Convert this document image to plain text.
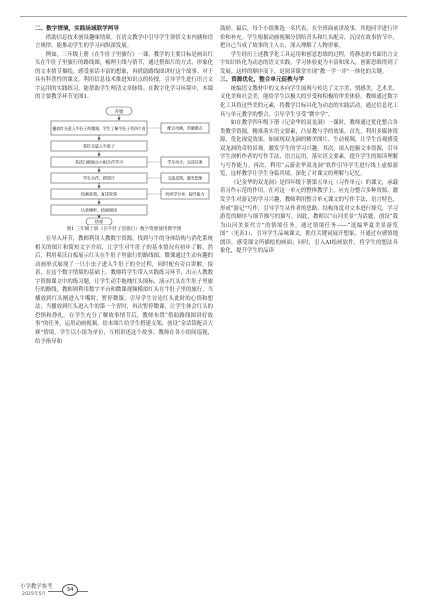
二、数字情境，实践场域联学两导

借助信息技术创设趣味情境。在语文教学中引导学生领悟文本内涵和语言规律，能推动学生的学习向纵深发展。

例如，三年级上册《在牛肚子里旅行》一课，教学的主要目标是画出红头在牛肚子里旅行的路线图，梳理主线与情节，通过搭图片的方式，形象化的文本情节描绘，感受童话丰富的想象，再借助路线图讲好这个故事。对于具有科普性的课文，利用信息技术推进知识点的传授，引导学生进行语言文字运用的实践练习，能帮助学生理清文章脉络。在数字化学习环境中，本课的主要教学环节见图1。

开始
播放红头进入牛肚子的微课，学生了解牛肚子有四个胃
看红头进入牛肚子
希沃白板展示小组合作学习
学生合作，搭图片
绘画故事，复述故事
认真倾听，拓展阅读
结束
配合动画，突破难点
学生动手，完成任务
交流反馈，激发想象
听同学分享，提升能力
图1 三年级上册《在牛肚子里旅行》数字资源使用教学图

在导入环节，教师利用人教数字资源，找到与牛的身体结构与消化系统相关的图片和简短文字介绍，让学生对牛肚子的基本情况有初步了解。然后，利用希沃白板展示红头在牛肚子里旅行的路线图，微课通过生动有趣的动画形式展现了一只小虫子进入牛肚子的全过程，同时配有旁白讲解。接着，在这个数字情境的基础上，教师将学生带入实践练习环节，出示人教数字资源课文中的练习题，让学生动手拖拽红头图标，演示红头在牛肚子里旅行的路线。教师则利用数字平台和微课视频模拟红头在牛肚子里的旅行，当播放到红头刚进入牛嘴时，暂停微课，引导学生讨论红头此时的心情和想法；当播放到红头进入牛的第一个胃时，再次暂停微课，让学生体会红头的恐惧和挣扎。在学生充分了解故事情节后，教师布置“借助路线图讲好故事”的任务，运用动画视频，给本图片给学生搭建支架，创设“金话筒配音大赛”情境。学生以小组为单位，互相讲述这个故事。教师在各小组间巡视，给予指导和

鼓励。最后，每个小组推选一名代表，在全班面前讲故事，其他同学进行评价和补充。学生根据动画视频分别给青头和红头配音，沉浸在故事情节中，把自己当成了故事的主人公，深入理解了人物形象。

学生经历上述教学化工具运用和创意思维的过程，将静态的书面语言文字知识转化为动态的语文实践，学习体验更为丰富和深入，创新思维得到了发展。这样的顺序而下，是阅读课堂实现“教一学一评”一体化的关键。

三、资源优化，整合单元促教与学

统编语文教材中的文本向学生展现与传达了文字美、情感美、艺术美、文化美和社会美，能给学生以极大的享受和积极的审美体验。教师通过数字化工具将这些美的元素，将教学目标具化为动态的实践活动，通过信息化工具与单元教学的整合，引导学生享受“微中学”。

如在教学四年级下册《记金华的双龙洞》一课时，教师通过优化整合各类教学资源，精准落实语文要素，凸显教与学的效果。首先，利用多媒体资源，优化视觉效果。如展现双龙洞的精美图片、生动视频，让学生直观感受双龙洞的奇特景观，激发学生的学习兴趣。其次，深入挖掘文本资源，引导学生剖析作者的写作手法、语言运用，落实语文要素，提升学生的阅读理解与写作能力。再次，利用“云游金华双龙洞”软件引导学生进行线上虚拟游览，这样教学让学生身临其境，深化了对课文的理解与记忆。

《记金华的双龙洞》是四年级下册第五单元（习作单元）的课文，承载着习作示范的作用。在对这一单元的整体教学上，应充分整合多种资源，激发学生对游记的学习兴趣，教师利用整合单元课文的写作手法、语言特色，形成“游记”写作，引导学生从作者的思路、结构角度对文本进行探究，学习游览的顺序与细节描写的描写。因此，教师以“山河美景”为话题，创设“我为山河美景代言”的情境任务。通过情境任务——“选编华夏美景游览图”（见表1），引导学生品味课文，抓住关键词展开想象，开通过有感情地朗读，感受课文所描绘的画面；同时，引入AI绘画软件，将学生的想法具象化，提升学生的品读

小学教学参考
2025年5月
34
